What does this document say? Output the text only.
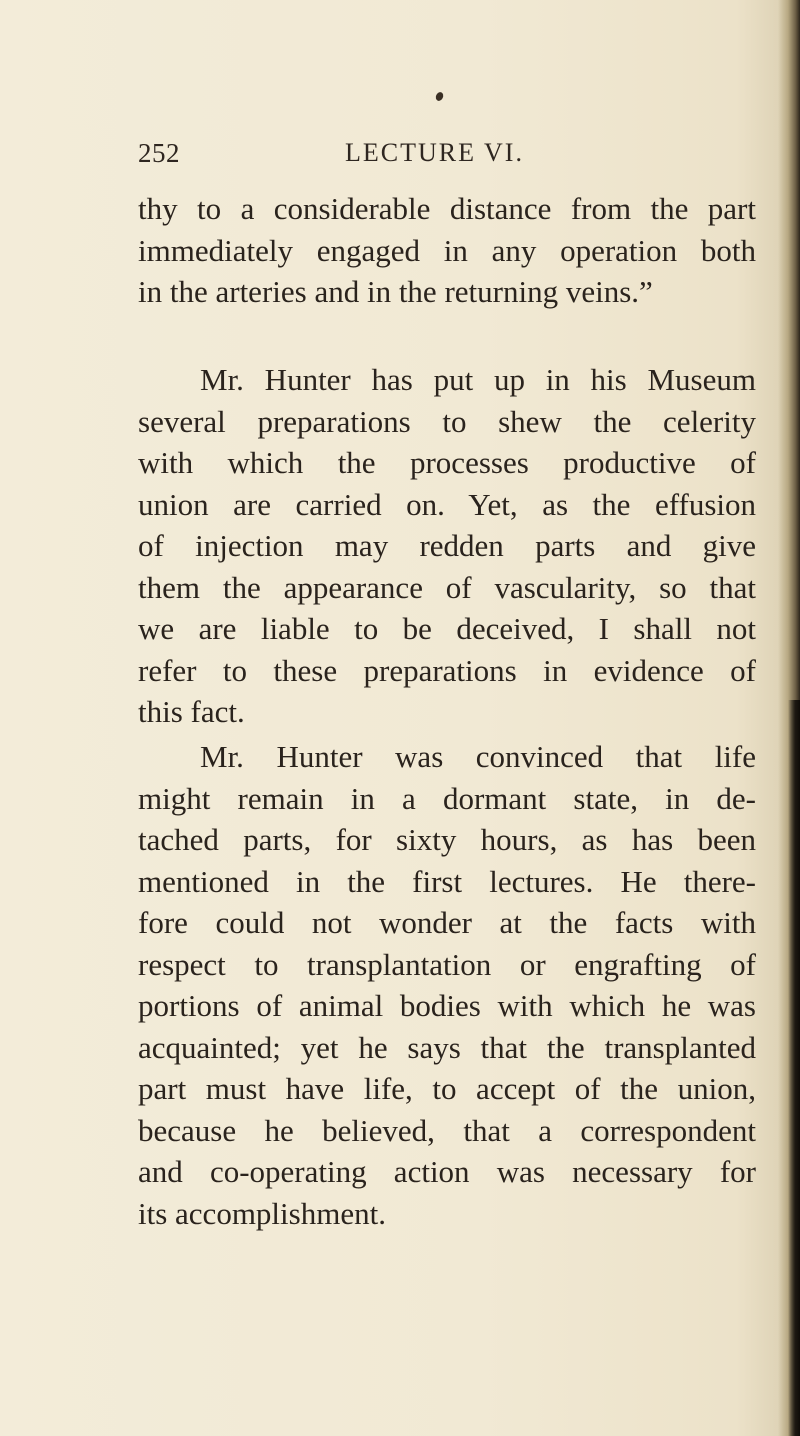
252	LECTURE VI.
thy to a considerable distance from the part
immediately engaged in any operation both
in the arteries and in the returning veins.”
Mr. Hunter has put up in his Museum
several preparations to shew the celerity
with which the processes productive of
union are carried on. Yet, as the effusion
of injection may redden parts and give
them the appearance of vascularity, so that
we are liable to be deceived, I shall not
refer to these preparations in evidence of
this fact.
Mr. Hunter was convinced that life
might remain in a dormant state, in de-
tached parts, for sixty hours, as has been
mentioned in the first lectures. He there-
fore could not wonder at the facts with
respect to transplantation or engrafting of
portions of animal bodies with which he was
acquainted; yet he says that the transplanted
part must have life, to accept of the union,
because he believed, that a correspondent
and co-operating action was necessary for
its accomplishment.
